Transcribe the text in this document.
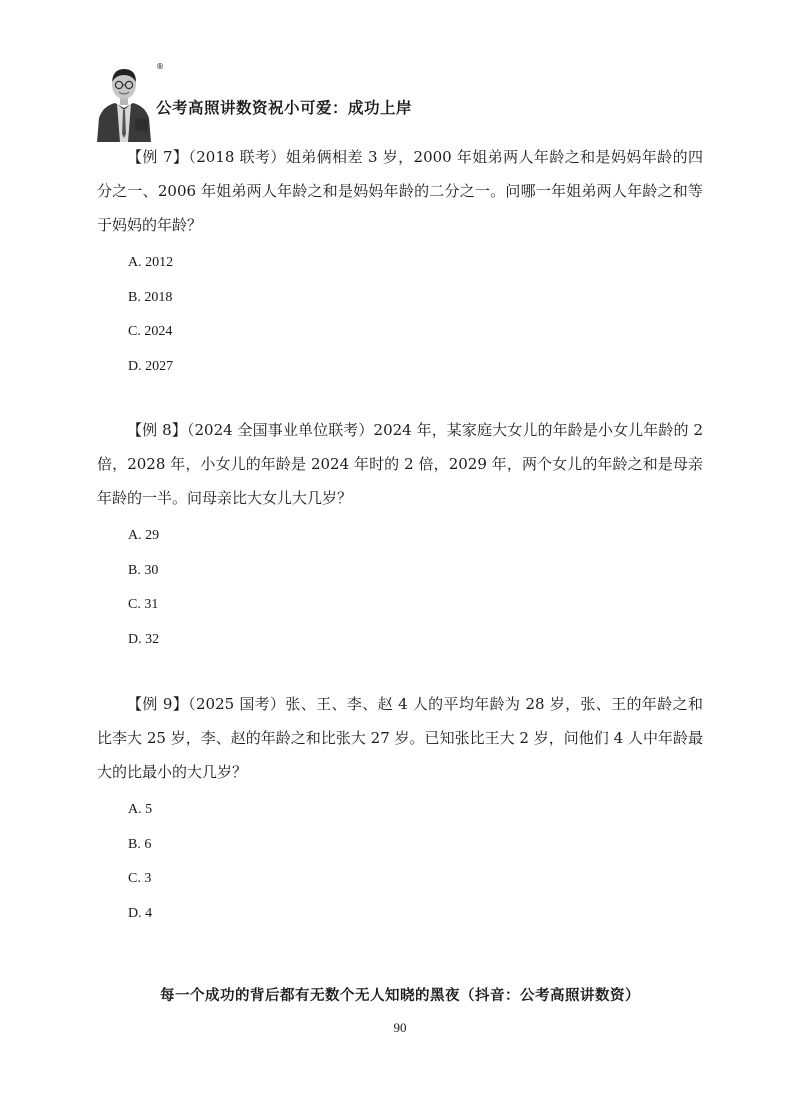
®
公考高照讲数资祝小可爱：成功上岸

【例 7】（2018 联考）姐弟俩相差 3 岁，2000 年姐弟两人年龄之和是妈妈年龄的四分之一、2006 年姐弟两人年龄之和是妈妈年龄的二分之一。问哪一年姐弟两人年龄之和等于妈妈的年龄？

A. 2012
B. 2018
C. 2024
D. 2027

【例 8】（2024 全国事业单位联考）2024 年，某家庭大女儿的年龄是小女儿年龄的 2 倍，2028 年，小女儿的年龄是 2024 年时的 2 倍，2029 年，两个女儿的年龄之和是母亲年龄的一半。问母亲比大女儿大几岁？

A. 29
B. 30
C. 31
D. 32

【例 9】（2025 国考）张、王、李、赵 4 人的平均年龄为 28 岁，张、王的年龄之和比李大 25 岁，李、赵的年龄之和比张大 27 岁。已知张比王大 2 岁，问他们 4 人中年龄最大的比最小的大几岁？

A. 5
B. 6
C. 3
D. 4
每一个成功的背后都有无数个无人知晓的黑夜（抖音：公考高照讲数资）
90
